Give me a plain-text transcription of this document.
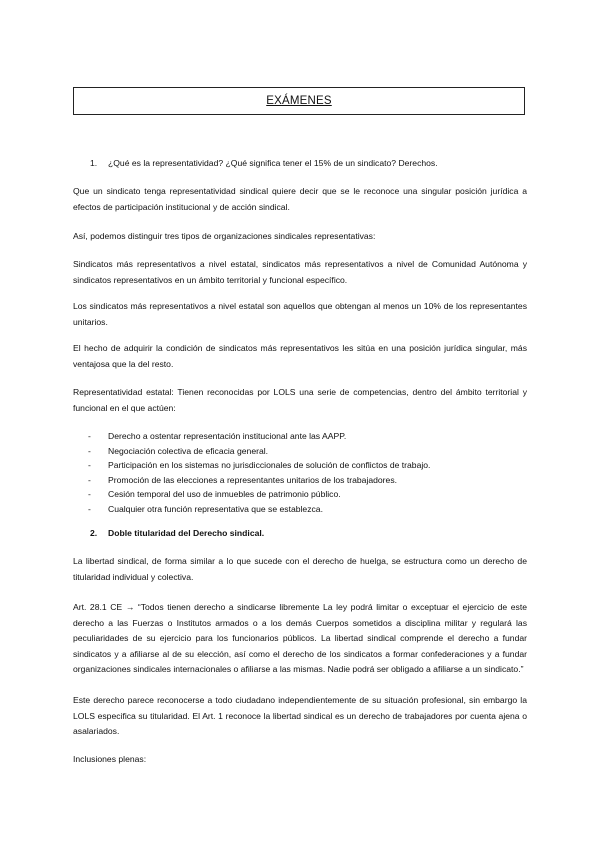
EXÁMENES
1. ¿Qué es la representatividad? ¿Qué significa tener el 15% de un sindicato? Derechos.
Que un sindicato tenga representatividad sindical quiere decir que se le reconoce una singular posición jurídica a efectos de participación institucional y de acción sindical.
Así, podemos distinguir tres tipos de organizaciones sindicales representativas:
Sindicatos más representativos a nivel estatal, sindicatos más representativos a nivel de Comunidad Autónoma y sindicatos representativos en un ámbito territorial y funcional específico.
Los sindicatos más representativos a nivel estatal son aquellos que obtengan al menos un 10% de los representantes unitarios.
El hecho de adquirir la condición de sindicatos más representativos les sitúa en una posición jurídica singular, más ventajosa que la del resto.
Representatividad estatal: Tienen reconocidas por LOLS una serie de competencias, dentro del ámbito territorial y funcional en el que actúen:
- Derecho a ostentar representación institucional ante las AAPP.
- Negociación colectiva de eficacia general.
- Participación en los sistemas no jurisdiccionales de solución de conflictos de trabajo.
- Promoción de las elecciones a representantes unitarios de los trabajadores.
- Cesión temporal del uso de inmuebles de patrimonio público.
- Cualquier otra función representativa que se establezca.
2. Doble titularidad del Derecho sindical.
La libertad sindical, de forma similar a lo que sucede con el derecho de huelga, se estructura como un derecho de titularidad individual y colectiva.
Art. 28.1 CE → “Todos tienen derecho a sindicarse libremente La ley podrá limitar o exceptuar el ejercicio de este derecho a las Fuerzas o Institutos armados o a los demás Cuerpos sometidos a disciplina militar y regulará las peculiaridades de su ejercicio para los funcionarios públicos. La libertad sindical comprende el derecho a fundar sindicatos y a afiliarse al de su elección, así como el derecho de los sindicatos a formar confederaciones y a fundar organizaciones sindicales internacionales o afiliarse a las mismas. Nadie podrá ser obligado a afiliarse a un sindicato.”
Este derecho parece reconocerse a todo ciudadano independientemente de su situación profesional, sin embargo la LOLS especifica su titularidad. El Art. 1 reconoce la libertad sindical es un derecho de trabajadores por cuenta ajena o asalariados.
Inclusiones plenas:
